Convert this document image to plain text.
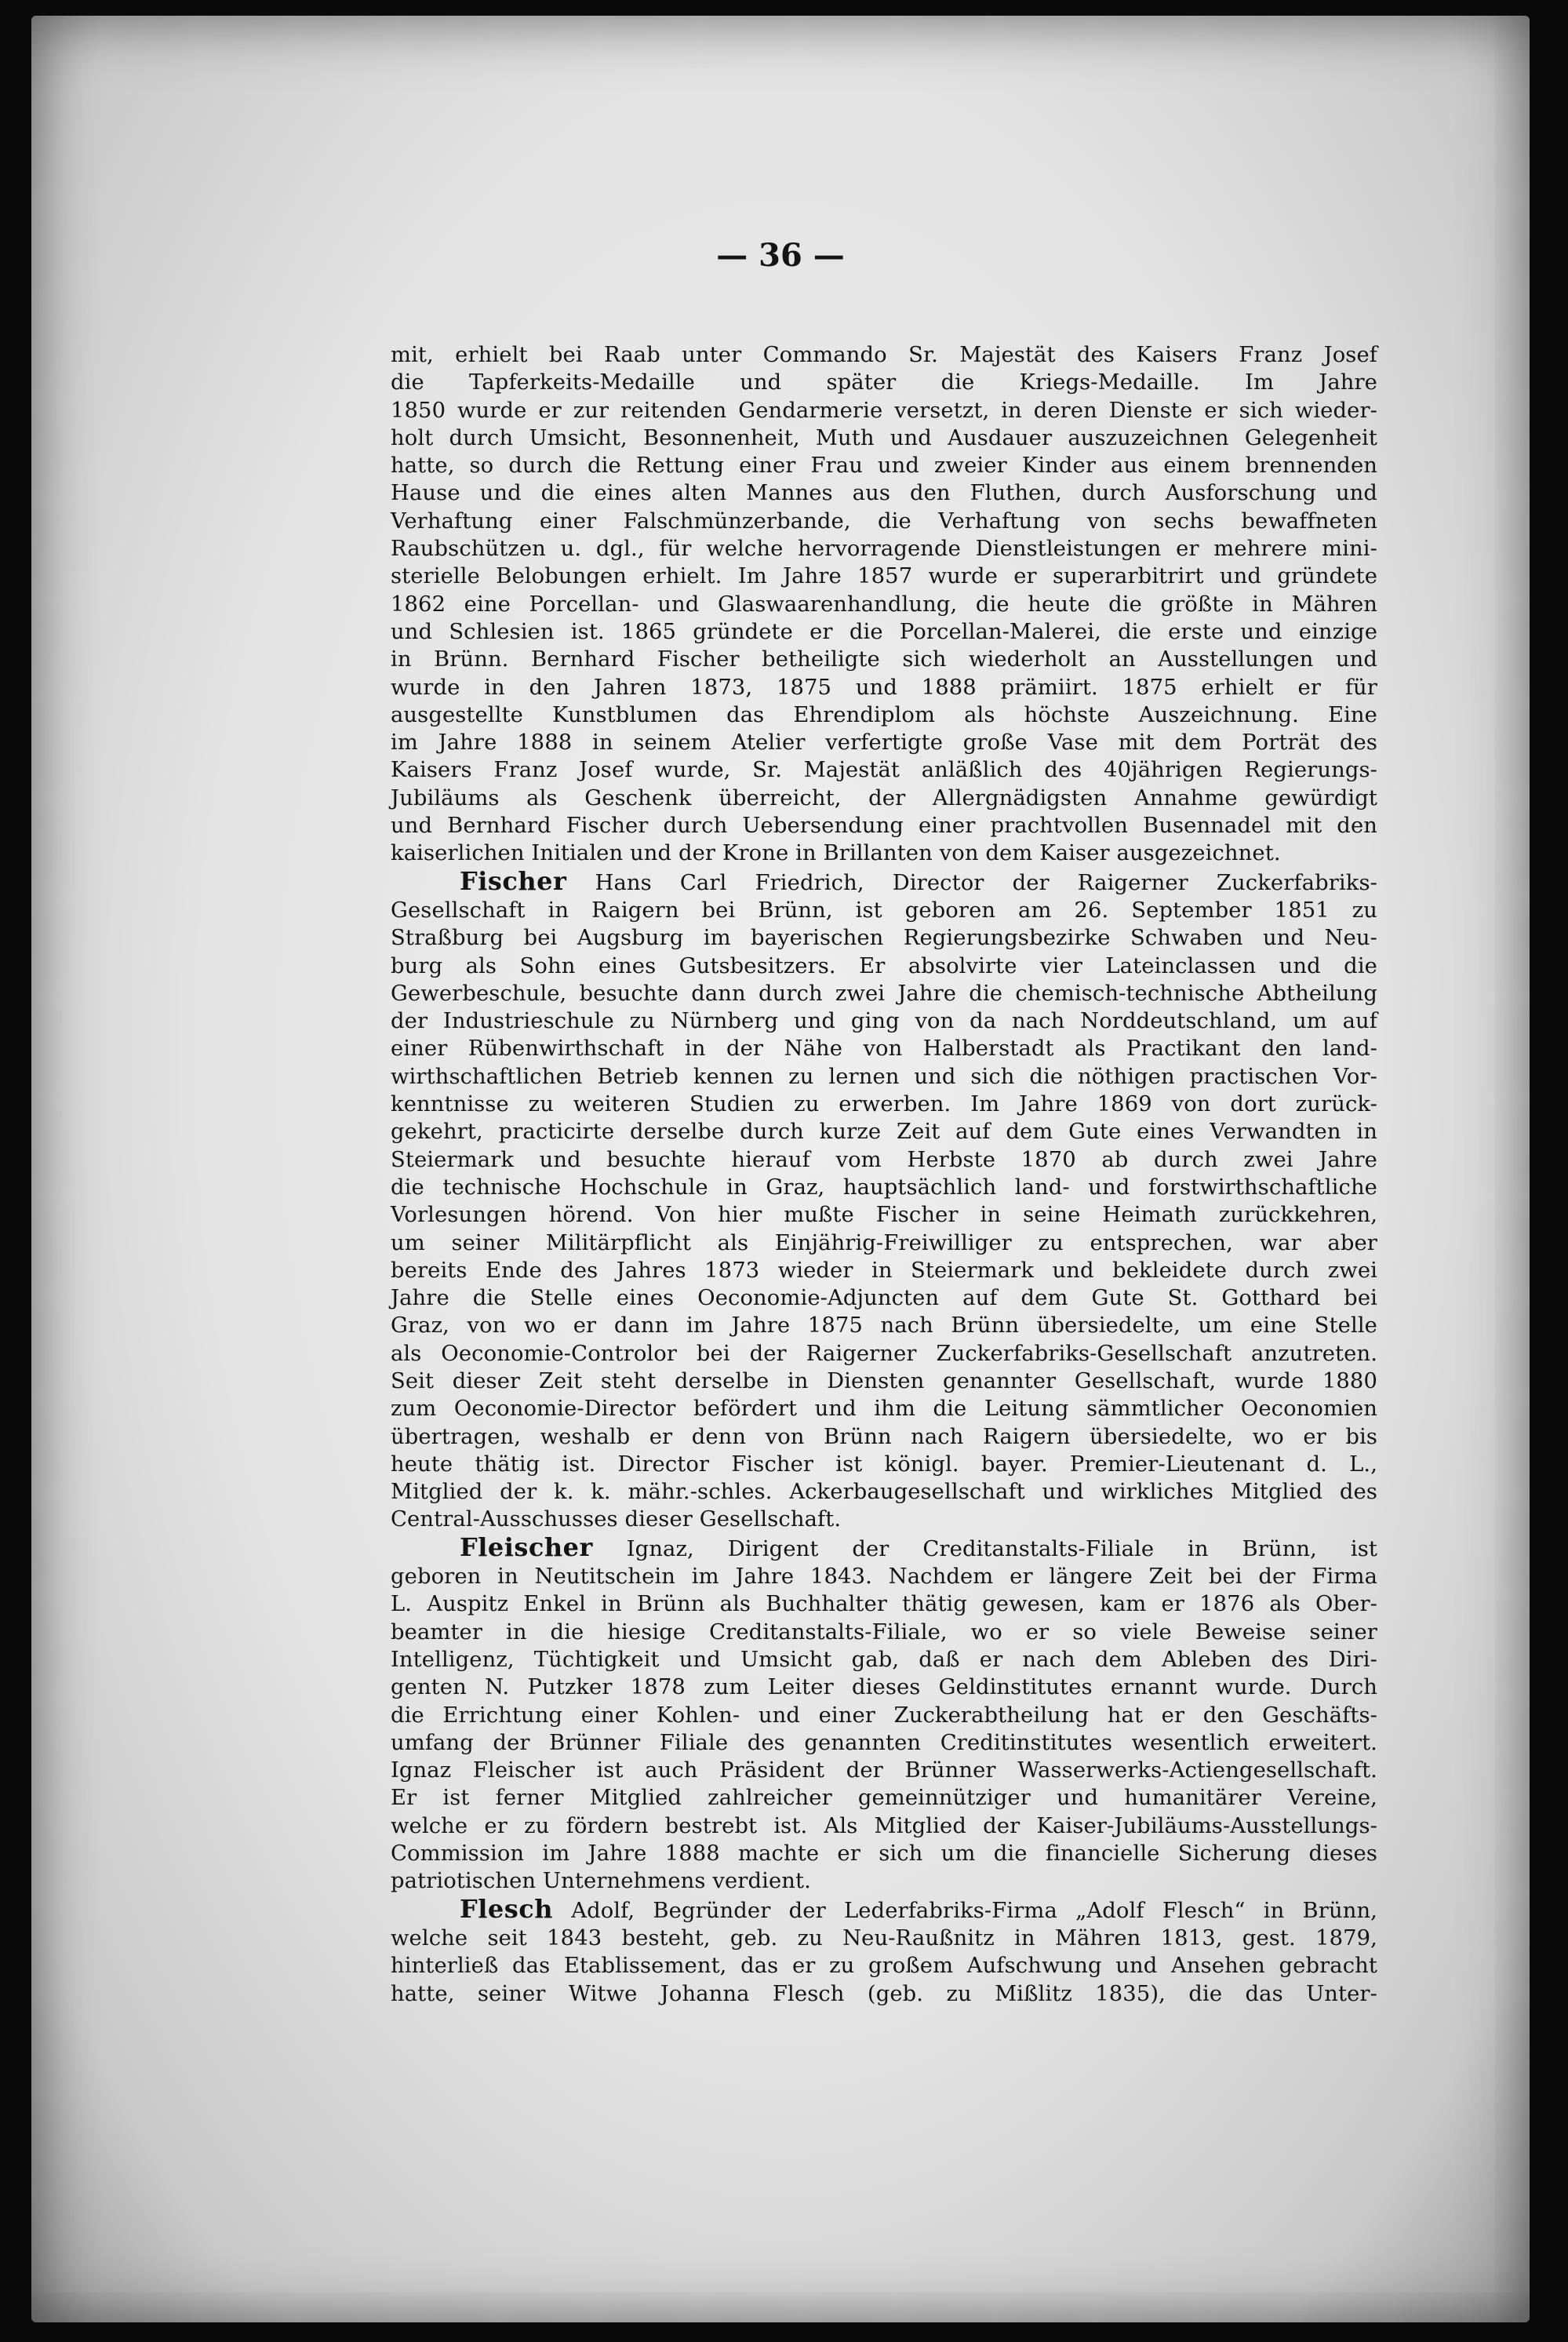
— 36 —
mit, erhielt bei Raab unter Commando Sr. Majestät des Kaisers Franz Josef
die Tapferkeits-Medaille und später die Kriegs-Medaille. Im Jahre
1850 wurde er zur reitenden Gendarmerie versetzt, in deren Dienste er sich wieder-
holt durch Umsicht, Besonnenheit, Muth und Ausdauer auszuzeichnen Gelegenheit
hatte, so durch die Rettung einer Frau und zweier Kinder aus einem brennenden
Hause und die eines alten Mannes aus den Fluthen, durch Ausforschung und
Verhaftung einer Falschmünzerbande, die Verhaftung von sechs bewaffneten
Raubschützen u. dgl., für welche hervorragende Dienstleistungen er mehrere mini-
sterielle Belobungen erhielt. Im Jahre 1857 wurde er superarbitrirt und gründete
1862 eine Porcellan- und Glaswaarenhandlung, die heute die größte in Mähren
und Schlesien ist. 1865 gründete er die Porcellan-Malerei, die erste und einzige
in Brünn. Bernhard Fischer betheiligte sich wiederholt an Ausstellungen und
wurde in den Jahren 1873, 1875 und 1888 prämiirt. 1875 erhielt er für
ausgestellte Kunstblumen das Ehrendiplom als höchste Auszeichnung. Eine
im Jahre 1888 in seinem Atelier verfertigte große Vase mit dem Porträt des
Kaisers Franz Josef wurde, Sr. Majestät anläßlich des 40jährigen Regierungs-
Jubiläums als Geschenk überreicht, der Allergnädigsten Annahme gewürdigt
und Bernhard Fischer durch Uebersendung einer prachtvollen Busennadel mit den
kaiserlichen Initialen und der Krone in Brillanten von dem Kaiser ausgezeichnet.
Fischer Hans Carl Friedrich, Director der Raigerner Zuckerfabriks-
Gesellschaft in Raigern bei Brünn, ist geboren am 26. September 1851 zu
Straßburg bei Augsburg im bayerischen Regierungsbezirke Schwaben und Neu-
burg als Sohn eines Gutsbesitzers. Er absolvirte vier Lateinclassen und die
Gewerbeschule, besuchte dann durch zwei Jahre die chemisch-technische Abtheilung
der Industrieschule zu Nürnberg und ging von da nach Norddeutschland, um auf
einer Rübenwirthschaft in der Nähe von Halberstadt als Practikant den land-
wirthschaftlichen Betrieb kennen zu lernen und sich die nöthigen practischen Vor-
kenntnisse zu weiteren Studien zu erwerben. Im Jahre 1869 von dort zurück-
gekehrt, practicirte derselbe durch kurze Zeit auf dem Gute eines Verwandten in
Steiermark und besuchte hierauf vom Herbste 1870 ab durch zwei Jahre
die technische Hochschule in Graz, hauptsächlich land- und forstwirthschaftliche
Vorlesungen hörend. Von hier mußte Fischer in seine Heimath zurückkehren,
um seiner Militärpflicht als Einjährig-Freiwilliger zu entsprechen, war aber
bereits Ende des Jahres 1873 wieder in Steiermark und bekleidete durch zwei
Jahre die Stelle eines Oeconomie-Adjuncten auf dem Gute St. Gotthard bei
Graz, von wo er dann im Jahre 1875 nach Brünn übersiedelte, um eine Stelle
als Oeconomie-Controlor bei der Raigerner Zuckerfabriks-Gesellschaft anzutreten.
Seit dieser Zeit steht derselbe in Diensten genannter Gesellschaft, wurde 1880
zum Oeconomie-Director befördert und ihm die Leitung sämmtlicher Oeconomien
übertragen, weshalb er denn von Brünn nach Raigern übersiedelte, wo er bis
heute thätig ist. Director Fischer ist königl. bayer. Premier-Lieutenant d. L.,
Mitglied der k. k. mähr.-schles. Ackerbaugesellschaft und wirkliches Mitglied des
Central-Ausschusses dieser Gesellschaft.
Fleischer Ignaz, Dirigent der Creditanstalts-Filiale in Brünn, ist
geboren in Neutitschein im Jahre 1843. Nachdem er längere Zeit bei der Firma
L. Auspitz Enkel in Brünn als Buchhalter thätig gewesen, kam er 1876 als Ober-
beamter in die hiesige Creditanstalts-Filiale, wo er so viele Beweise seiner
Intelligenz, Tüchtigkeit und Umsicht gab, daß er nach dem Ableben des Diri-
genten N. Putzker 1878 zum Leiter dieses Geldinstitutes ernannt wurde. Durch
die Errichtung einer Kohlen- und einer Zuckerabtheilung hat er den Geschäfts-
umfang der Brünner Filiale des genannten Creditinstitutes wesentlich erweitert.
Ignaz Fleischer ist auch Präsident der Brünner Wasserwerks-Actiengesellschaft.
Er ist ferner Mitglied zahlreicher gemeinnütziger und humanitärer Vereine,
welche er zu fördern bestrebt ist. Als Mitglied der Kaiser-Jubiläums-Ausstellungs-
Commission im Jahre 1888 machte er sich um die financielle Sicherung dieses
patriotischen Unternehmens verdient.
Flesch Adolf, Begründer der Lederfabriks-Firma „Adolf Flesch“ in Brünn,
welche seit 1843 besteht, geb. zu Neu-Raußnitz in Mähren 1813, gest. 1879,
hinterließ das Etablissement, das er zu großem Aufschwung und Ansehen gebracht
hatte, seiner Witwe Johanna Flesch (geb. zu Mißlitz 1835), die das Unter-
